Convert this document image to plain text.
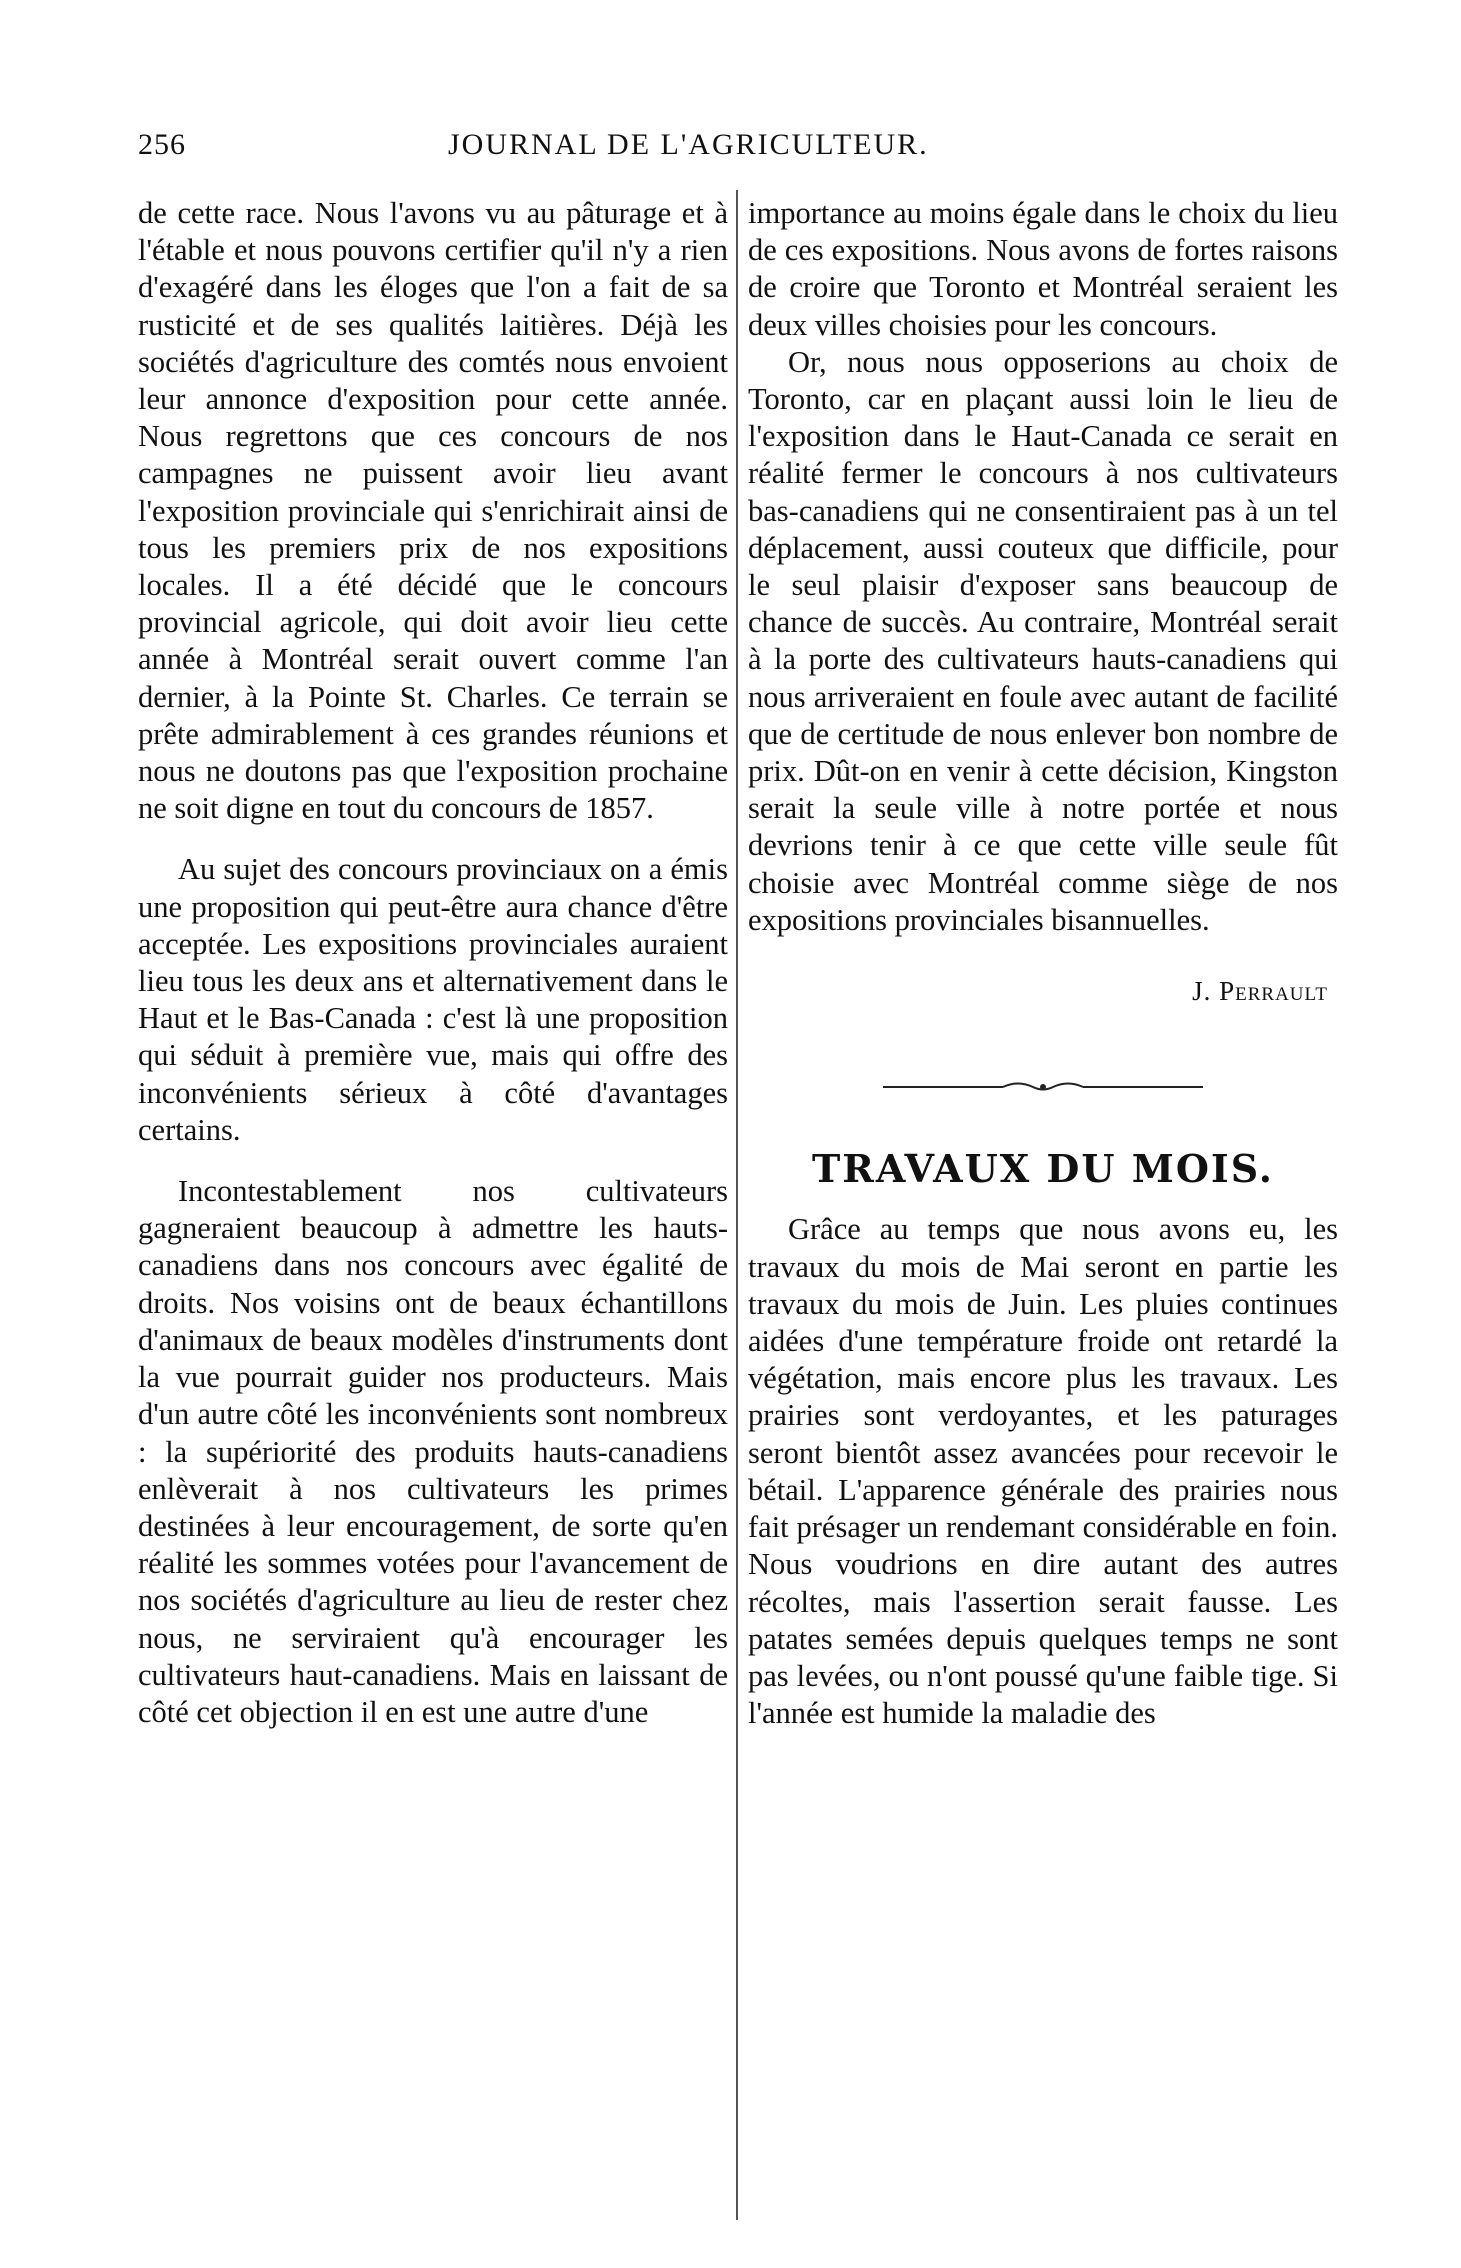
256	JOURNAL DE L'AGRICULTEUR.

de cette race. Nous l'avons vu au pâturage et à l'étable et nous pouvons certifier qu'il n'y a rien d'exagéré dans les éloges que l'on a fait de sa rusticité et de ses qualités laitières. Déjà les sociétés d'agriculture des comtés nous envoient leur annonce d'exposition pour cette année. Nous regrettons que ces concours de nos campagnes ne puissent avoir lieu avant l'exposition provinciale qui s'enrichirait ainsi de tous les premiers prix de nos expositions locales. Il a été décidé que le concours provincial agricole, qui doit avoir lieu cette année à Montréal serait ouvert comme l'an dernier, à la Pointe St. Charles. Ce terrain se prête admirablement à ces grandes réunions et nous ne doutons pas que l'exposition prochaine ne soit digne en tout du concours de 1857.

Au sujet des concours provinciaux on a émis une proposition qui peut-être aura chance d'être acceptée. Les expositions provinciales auraient lieu tous les deux ans et alternativement dans le Haut et le Bas-Canada : c'est là une proposition qui séduit à première vue, mais qui offre des inconvénients sérieux à côté d'avantages certains.

Incontestablement nos cultivateurs gagneraient beaucoup à admettre les hauts-canadiens dans nos concours avec égalité de droits. Nos voisins ont de beaux échantillons d'animaux de beaux modèles d'instruments dont la vue pourrait guider nos producteurs. Mais d'un autre côté les inconvénients sont nombreux : la supériorité des produits hauts-canadiens enlèverait à nos cultivateurs les primes destinées à leur encouragement, de sorte qu'en réalité les sommes votées pour l'avancement de nos sociétés d'agriculture au lieu de rester chez nous, ne serviraient qu'à encourager les cultivateurs haut-canadiens. Mais en laissant de côté cet objection il en est une autre d'une

importance au moins égale dans le choix du lieu de ces expositions. Nous avons de fortes raisons de croire que Toronto et Montréal seraient les deux villes choisies pour les concours.

Or, nous nous opposerions au choix de Toronto, car en plaçant aussi loin le lieu de l'exposition dans le Haut-Canada ce serait en réalité fermer le concours à nos cultivateurs bas-canadiens qui ne consentiraient pas à un tel déplacement, aussi couteux que difficile, pour le seul plaisir d'exposer sans beaucoup de chance de succès. Au contraire, Montréal serait à la porte des cultivateurs hauts-canadiens qui nous arriveraient en foule avec autant de facilité que de certitude de nous enlever bon nombre de prix. Dût-on en venir à cette décision, Kingston serait la seule ville à notre portée et nous devrions tenir à ce que cette ville seule fût choisie avec Montréal comme siège de nos expositions provinciales bisannuelles.

J. Perrault

TRAVAUX DU MOIS.

Grâce au temps que nous avons eu, les travaux du mois de Mai seront en partie les travaux du mois de Juin. Les pluies continues aidées d'une température froide ont retardé la végétation, mais encore plus les travaux. Les prairies sont verdoyantes, et les paturages seront bientôt assez avancées pour recevoir le bétail. L'apparence générale des prairies nous fait présager un rendemant considérable en foin. Nous voudrions en dire autant des autres récoltes, mais l'assertion serait fausse. Les patates semées depuis quelques temps ne sont pas levées, ou n'ont poussé qu'une faible tige. Si l'année est humide la maladie des
